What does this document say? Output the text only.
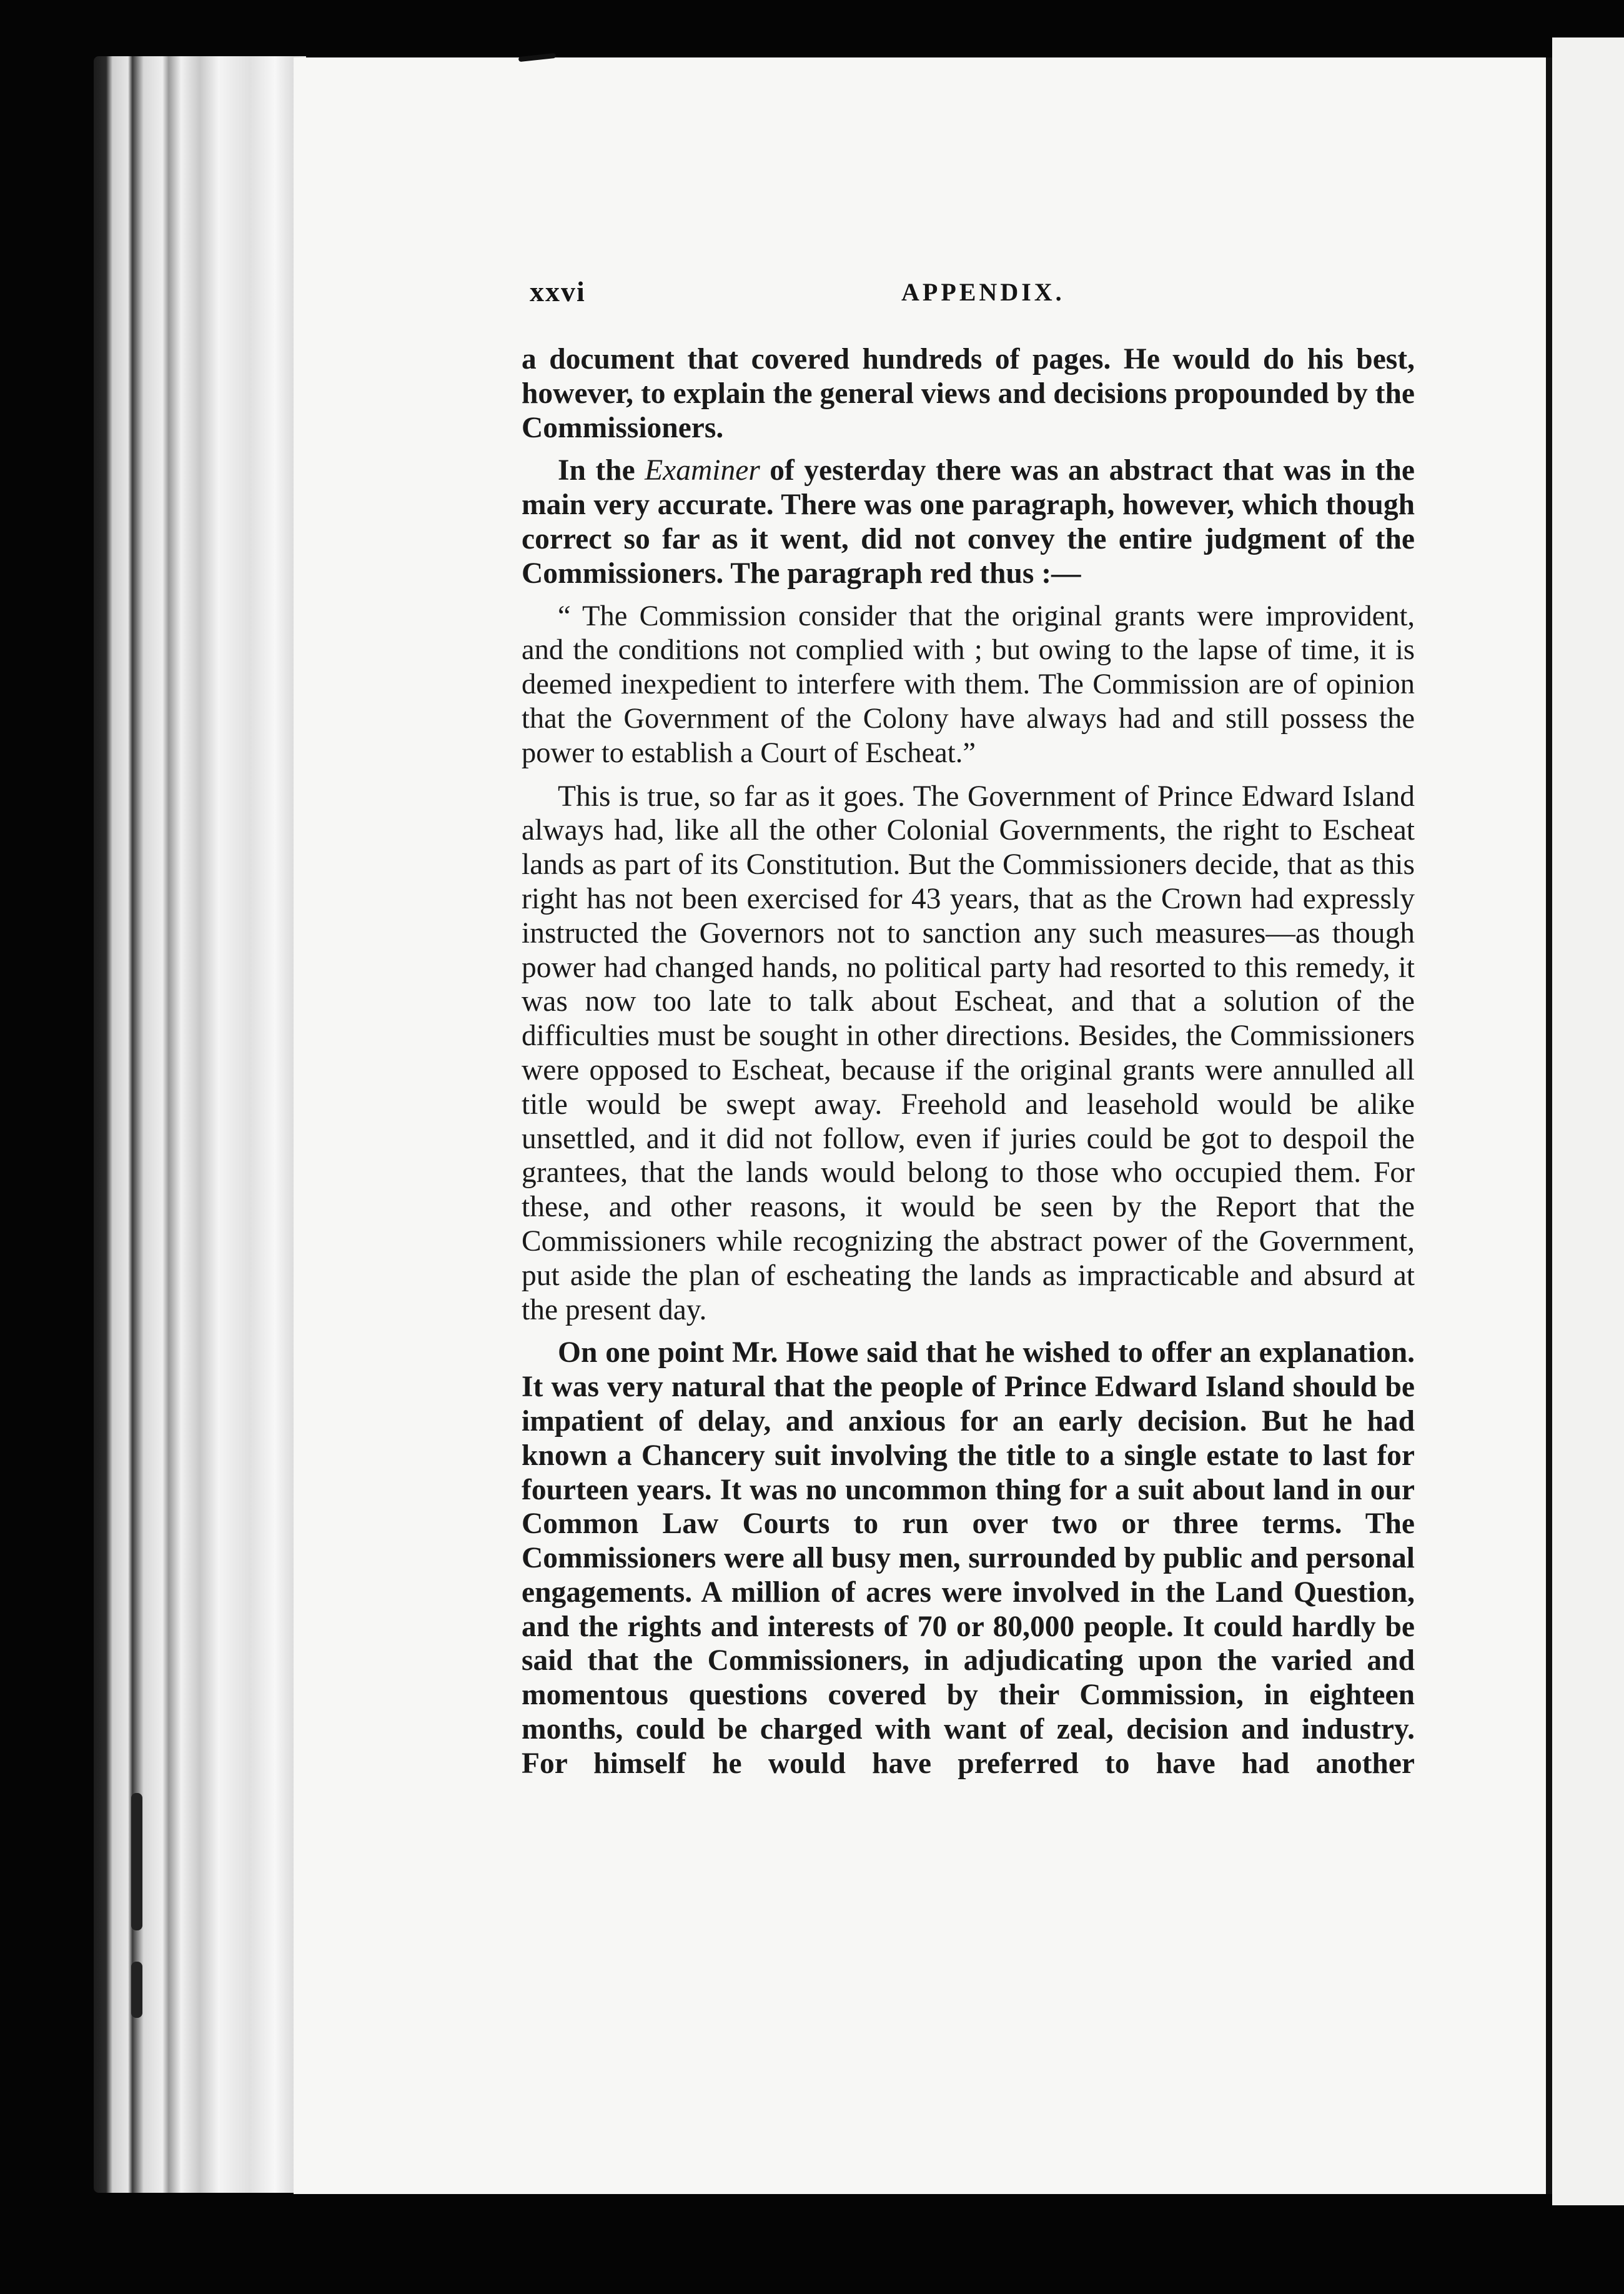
xxvi	APPENDIX.

a document that covered hundreds of pages. He would do his best, however, to explain the general views and decisions propounded by the Commissioners.

In the Examiner of yesterday there was an abstract that was in the main very accurate. There was one paragraph, however, which though correct so far as it went, did not convey the entire judgment of the Commissioners. The paragraph red thus :—

“ The Commission consider that the original grants were improvident, and the conditions not complied with ; but owing to the lapse of time, it is deemed inexpedient to interfere with them. The Commission are of opinion that the Government of the Colony have always had and still possess the power to establish a Court of Escheat.”

This is true, so far as it goes. The Government of Prince Edward Island always had, like all the other Colonial Governments, the right to Escheat lands as part of its Constitution. But the Commissioners decide, that as this right has not been exercised for 43 years, that as the Crown had expressly instructed the Governors not to sanction any such measures—as though power had changed hands, no political party had resorted to this remedy, it was now too late to talk about Escheat, and that a solution of the difficulties must be sought in other directions. Besides, the Commissioners were opposed to Escheat, because if the original grants were annulled all title would be swept away. Freehold and leasehold would be alike unsettled, and it did not follow, even if juries could be got to despoil the grantees, that the lands would belong to those who occupied them. For these, and other reasons, it would be seen by the Report that the Commissioners while recognizing the abstract power of the Government, put aside the plan of escheating the lands as impracticable and absurd at the present day.

On one point Mr. Howe said that he wished to offer an explanation. It was very natural that the people of Prince Edward Island should be impatient of delay, and anxious for an early decision. But he had known a Chancery suit involving the title to a single estate to last for fourteen years. It was no uncommon thing for a suit about land in our Common Law Courts to run over two or three terms. The Commissioners were all busy men, surrounded by public and personal engagements. A million of acres were involved in the Land Question, and the rights and interests of 70 or 80,000 people. It could hardly be said that the Commissioners, in adjudicating upon the varied and momentous questions covered by their Commission, in eighteen months, could be charged with want of zeal, decision and industry. For himself he would have preferred to have had another
